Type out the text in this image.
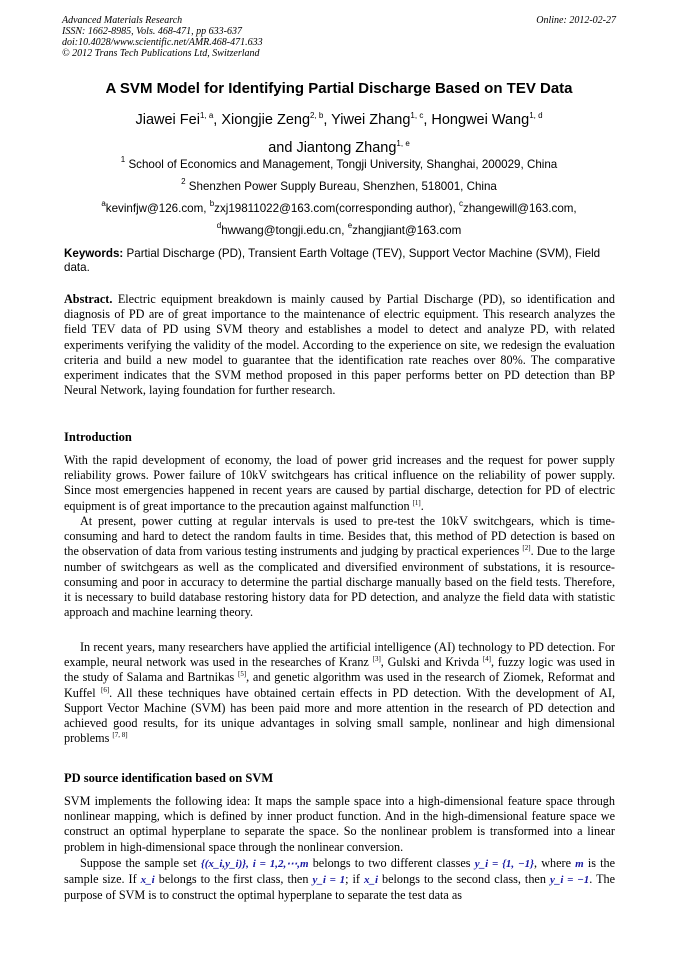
Advanced Materials Research
ISSN: 1662-8985, Vols. 468-471, pp 633-637
doi:10.4028/www.scientific.net/AMR.468-471.633
© 2012 Trans Tech Publications Ltd, Switzerland
Online: 2012-02-27
A SVM Model for Identifying Partial Discharge Based on TEV Data
Jiawei Fei$^{1, a}$, Xiongjie Zeng$^{2, b}$, Yiwei Zhang$^{1, c}$, Hongwei Wang$^{1, d}$
and Jiantong Zhang$^{1, e}$
$^1$ School of Economics and Management, Tongji University, Shanghai, 200029, China
$^2$ Shenzhen Power Supply Bureau, Shenzhen, 518001, China
$^a$kevinfjw@126.com, $^b$zxj19811022@163.com(corresponding author), $^c$zhangewill@163.com,
$^d$hwwang@tongji.edu.cn, $^e$zhangjiant@163.com
Keywords: Partial Discharge (PD), Transient Earth Voltage (TEV), Support Vector Machine (SVM), Field data.
Abstract. Electric equipment breakdown is mainly caused by Partial Discharge (PD), so identification and diagnosis of PD are of great importance to the maintenance of electric equipment. This research analyzes the field TEV data of PD using SVM theory and establishes a model to detect and analyze PD, with related experiments verifying the validity of the model. According to the experience on site, we redesign the evaluation criteria and build a new model to guarantee that the identification rate reaches over 80%. The comparative experiment indicates that the SVM method proposed in this paper performs better on PD detection than BP Neural Network, laying foundation for further research.
Introduction
With the rapid development of economy, the load of power grid increases and the request for power supply reliability grows. Power failure of 10kV switchgears has critical influence on the reliability of power supply. Since most emergencies happened in recent years are caused by partial discharge, detection for PD of electric equipment is of great importance to the precaution against malfunction [1].
At present, power cutting at regular intervals is used to pre-test the 10kV switchgears, which is time-consuming and hard to detect the random faults in time. Besides that, this method of PD detection is based on the observation of data from various testing instruments and judging by practical experiences [2]. Due to the large number of switchgears as well as the complicated and diversified environment of substations, it is resource-consuming and poor in accuracy to determine the partial discharge manually based on the field tests. Therefore, it is necessary to build database restoring history data for PD detection, and analyze the field data with statistic approach and machine learning theory.
In recent years, many researchers have applied the artificial intelligence (AI) technology to PD detection. For example, neural network was used in the researches of Kranz [3], Gulski and Krivda [4], fuzzy logic was used in the study of Salama and Bartnikas [5], and genetic algorithm was used in the research of Ziomek, Reformat and Kuffel [6]. All these techniques have obtained certain effects in PD detection. With the development of AI, Support Vector Machine (SVM) has been paid more and more attention in the research of PD detection and achieved good results, for its unique advantages in solving small sample, nonlinear and high dimensional problems [7, 8]
PD source identification based on SVM
SVM implements the following idea: It maps the sample space into a high-dimensional feature space through nonlinear mapping, which is defined by inner product function. And in the high-dimensional feature space we construct an optimal hyperplane to separate the space. So the nonlinear problem is transformed into a linear problem in high-dimensional space through the nonlinear conversion.
Suppose the sample set {(x_i,y_i)}, i = 1,2,⋯,m belongs to two different classes y_i = {1, −1}, where m is the sample size. If x_i belongs to the first class, then y_i = 1; if x_i belongs to the second class, then y_i = −1. The purpose of SVM is to construct the optimal hyperplane to separate the test data as
